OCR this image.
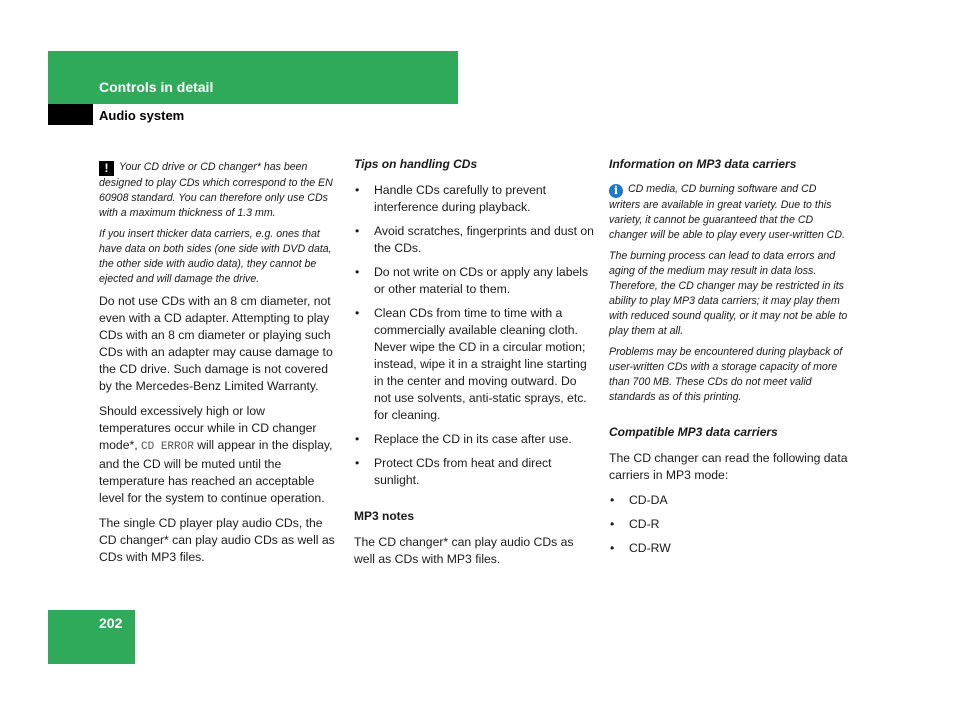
Controls in detail
Audio system

! Your CD drive or CD changer* has been designed to play CDs which correspond to the EN 60908 standard. You can therefore only use CDs with a maximum thickness of 1.3 mm.

If you insert thicker data carriers, e.g. ones that have data on both sides (one side with DVD data, the other side with audio data), they cannot be ejected and will damage the drive.

Do not use CDs with an 8 cm diameter, not even with a CD adapter. Attempting to play CDs with an 8 cm diameter or playing such CDs with an adapter may cause damage to the CD drive. Such damage is not covered by the Mercedes-Benz Limited Warranty.

Should excessively high or low temperatures occur while in CD changer mode*, CD ERROR will appear in the display, and the CD will be muted until the temperature has reached an acceptable level for the system to continue operation.

The single CD player play audio CDs, the CD changer* can play audio CDs as well as CDs with MP3 files.

Tips on handling CDs
• Handle CDs carefully to prevent interference during playback.
• Avoid scratches, fingerprints and dust on the CDs.
• Do not write on CDs or apply any labels or other material to them.
• Clean CDs from time to time with a commercially available cleaning cloth. Never wipe the CD in a circular motion; instead, wipe it in a straight line starting in the center and moving outward. Do not use solvents, anti-static sprays, etc. for cleaning.
• Replace the CD in its case after use.
• Protect CDs from heat and direct sunlight.
MP3 notes

The CD changer* can play audio CDs as well as CDs with MP3 files.

Information on MP3 data carriers

i CD media, CD burning software and CD writers are available in great variety. Due to this variety, it cannot be guaranteed that the CD changer will be able to play every user-written CD.

The burning process can lead to data errors and aging of the medium may result in data loss. Therefore, the CD changer may be restricted in its ability to play MP3 data carriers; it may play them with reduced sound quality, or it may not be able to play them at all.

Problems may be encountered during playback of user-written CDs with a storage capacity of more than 700 MB. These CDs do not meet valid standards as of this printing.

Compatible MP3 data carriers

The CD changer can read the following data carriers in MP3 mode:

• CD-DA
• CD-R
• CD-RW
202
